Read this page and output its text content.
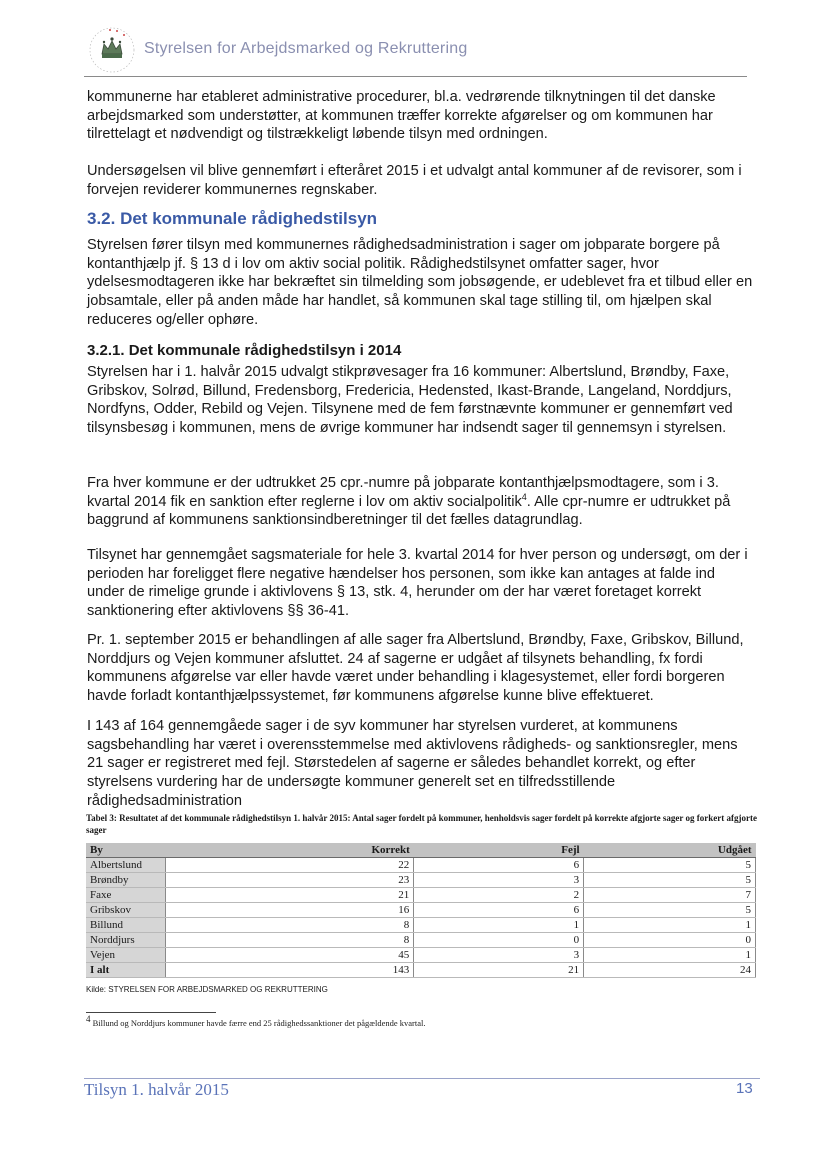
Styrelsen for Arbejdsmarked og Rekruttering

kommunerne har etableret administrative procedurer, bl.a. vedrørende tilknytningen til det danske arbejdsmarked som understøtter, at kommunen træffer korrekte afgørelser og om kommunen har tilrettelagt et nødvendigt og tilstrækkeligt løbende tilsyn med ordningen.

Undersøgelsen vil blive gennemført i efteråret 2015 i et udvalgt antal kommuner af de revisorer, som i forvejen reviderer kommunernes regnskaber.

3.2. Det kommunale rådighedstilsyn

Styrelsen fører tilsyn med kommunernes rådighedsadministration i sager om jobparate borgere på kontanthjælp jf. § 13 d i lov om aktiv social politik. Rådighedstilsynet omfatter sager, hvor ydelsesmodtageren ikke har bekræftet sin tilmelding som jobsøgende, er udeblevet fra et tilbud eller en jobsamtale, eller på anden måde har handlet, så kommunen skal tage stilling til, om hjælpen skal reduceres og/eller ophøre.

3.2.1. Det kommunale rådighedstilsyn i 2014

Styrelsen har i 1. halvår 2015 udvalgt stikprøvesager fra 16 kommuner: Albertslund, Brøndby, Faxe, Gribskov, Solrød, Billund, Fredensborg, Fredericia, Hedensted, Ikast-Brande, Langeland, Norddjurs, Nordfyns, Odder, Rebild og Vejen. Tilsynene med de fem førstnævnte kommuner er gennemført ved tilsynsbesøg i kommunen, mens de øvrige kommuner har indsendt sager til gennemsyn i styrelsen.

Fra hver kommune er der udtrukket 25 cpr.-numre på jobparate kontanthjælpsmodtagere, som i 3. kvartal 2014 fik en sanktion efter reglerne i lov om aktiv socialpolitik$^4$. Alle cpr-numre er udtrukket på baggrund af kommunens sanktionsindberetninger til det fælles datagrundlag.

Tilsynet har gennemgået sagsmateriale for hele 3. kvartal 2014 for hver person og undersøgt, om der i perioden har foreligget flere negative hændelser hos personen, som ikke kan antages at falde ind under de rimelige grunde i aktivlovens § 13, stk. 4, herunder om der har været foretaget korrekt sanktionering efter aktivlovens §§ 36-41.

Pr. 1. september 2015 er behandlingen af alle sager fra Albertslund, Brøndby, Faxe, Gribskov, Billund, Norddjurs og Vejen kommuner afsluttet. 24 af sagerne er udgået af tilsynets behandling, fx fordi kommunens afgørelse var eller havde været under behandling i klagesystemet, eller fordi borgeren havde forladt kontanthjælpssystemet, før kommunens afgørelse kunne blive effektueret.

I 143 af 164 gennemgåede sager i de syv kommuner har styrelsen vurderet, at kommunens sagsbehandling har været i overensstemmelse med aktivlovens rådigheds- og sanktionsregler, mens 21 sager er registreret med fejl. Størstedelen af sagerne er således behandlet korrekt, og efter styrelsens vurdering har de undersøgte kommuner generelt set en tilfredsstillende rådighedsadministration

Tabel 3: Resultatet af det kommunale rådighedstilsyn 1. halvår 2015: Antal sager fordelt på kommuner, henholdsvis sager fordelt på korrekte afgjorte sager og forkert afgjorte sager
By	Korrekt	Fejl	Udgået
Albertslund	22	6	5
Brøndby	23	3	5
Faxe	21	2	7
Gribskov	16	6	5
Billund	8	1	1
Norddjurs	8	0	0
Vejen	45	3	1
I alt	143	21	24
Kilde: STYRELSEN FOR ARBEJDSMARKED OG REKRUTTERING
$^4$ Billund og Norddjurs kommuner havde færre end 25 rådighedssanktioner det pågældende kvartal.
Tilsyn 1. halvår 2015	13
